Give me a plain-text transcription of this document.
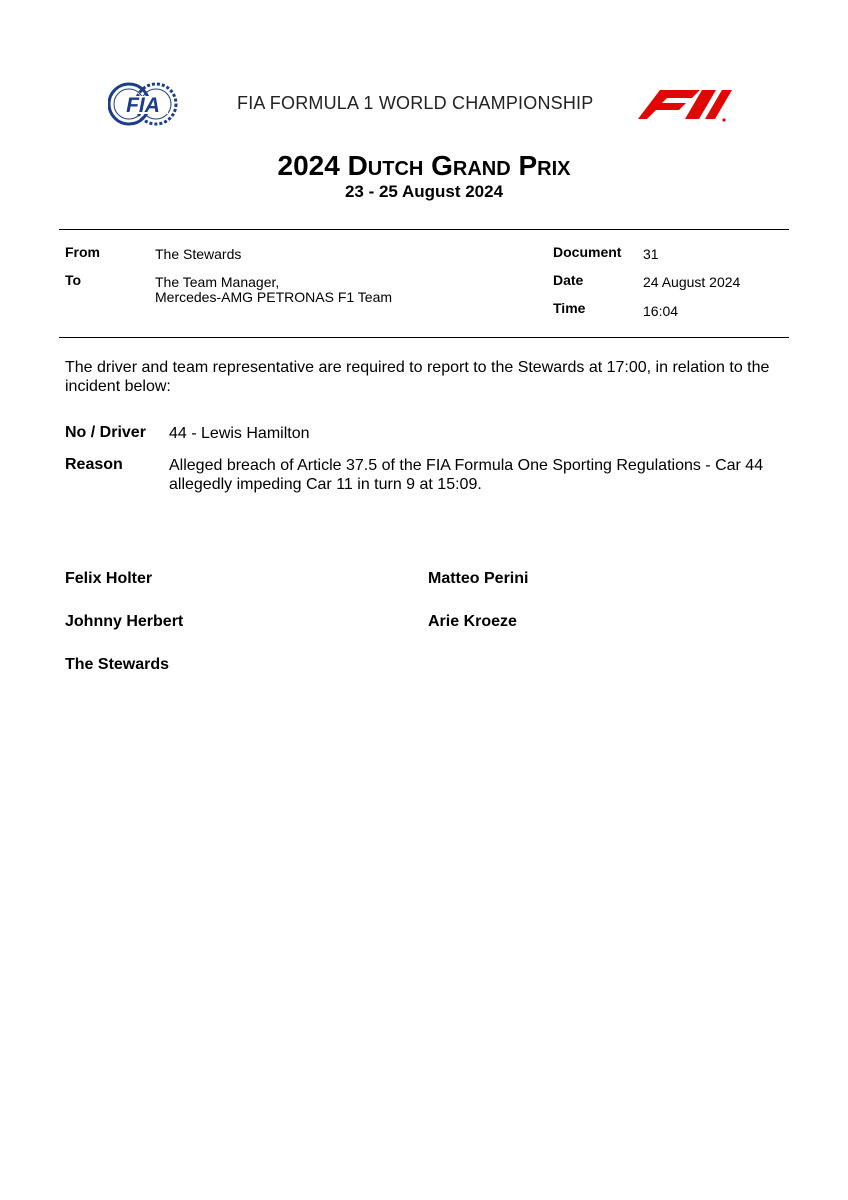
FIA	FIA FORMULA 1 WORLD CHAMPIONSHIP
2024 Dutch Grand Prix
23 - 25 August 2024
From	The Stewards
To	The Team Manager,
Mercedes-AMG PETRONAS F1 Team
Document 31
Date	24 August 2024
Time	16:04
The driver and team representative are required to report to the Stewards at 17:00, in relation to the incident below:
No / Driver 44 - Lewis Hamilton
Reason	Alleged breach of Article 37.5 of the FIA Formula One Sporting Regulations - Car 44 allegedly impeding Car 11 in turn 9 at 15:09.
Felix Holter	Matteo Perini
Johnny Herbert	Arie Kroeze
The Stewards
